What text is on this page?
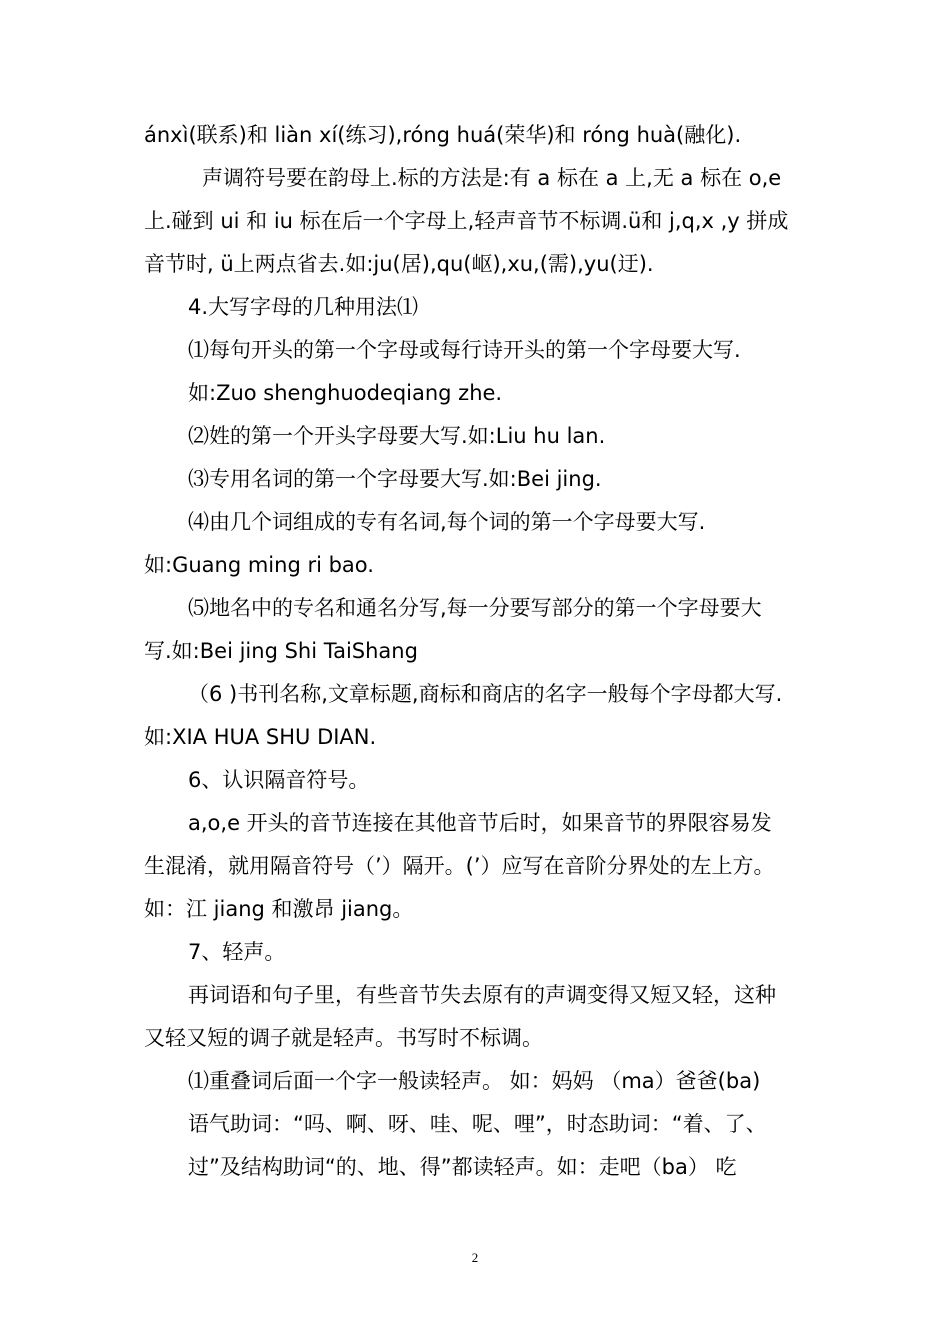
ánxì(联系)和 liàn xí(练习),róng huá(荣华)和 róng huà(融化).
声调符号要在韵母上.标的方法是:有 a 标在 a 上,无 a 标在 o,e
上.碰到 ui 和 iu 标在后一个字母上,轻声音节不标调.ü和 j,q,x ,y 拼成
音节时, ü上两点省去.如:ju(居),qu(岖),xu,(需),yu(迂).
4.大写字母的几种用法⑴
⑴每句开头的第一个字母或每行诗开头的第一个字母要大写.
如:Zuo shenghuodeqiang zhe.
⑵姓的第一个开头字母要大写.如:Liu hu lan.
⑶专用名词的第一个字母要大写.如:Bei jing.
⑷由几个词组成的专有名词,每个词的第一个字母要大写.
如:Guang ming ri bao.
⑸地名中的专名和通名分写,每一分要写部分的第一个字母要大
写.如:Bei jing Shi TaiShang
（6 )书刊名称,文章标题,商标和商店的名字一般每个字母都大写.
如:XIA HUA SHU DIAN.
6、认识隔音符号。
a,o,e 开头的音节连接在其他音节后时，如果音节的界限容易发
生混淆，就用隔音符号（’）隔开。(’）应写在音阶分界处的左上方。
如：江 jiang 和激昂 jiang。
7、轻声。
再词语和句子里，有些音节失去原有的声调变得又短又轻，这种
又轻又短的调子就是轻声。书写时不标调。
⑴重叠词后面一个字一般读轻声。 如：妈妈 （ma）爸爸(ba)
语气助词：“吗、啊、呀、哇、呢、哩”，时态助词：“着、了、
过”及结构助词“的、地、得”都读轻声。如：走吧（ba） 吃
2
